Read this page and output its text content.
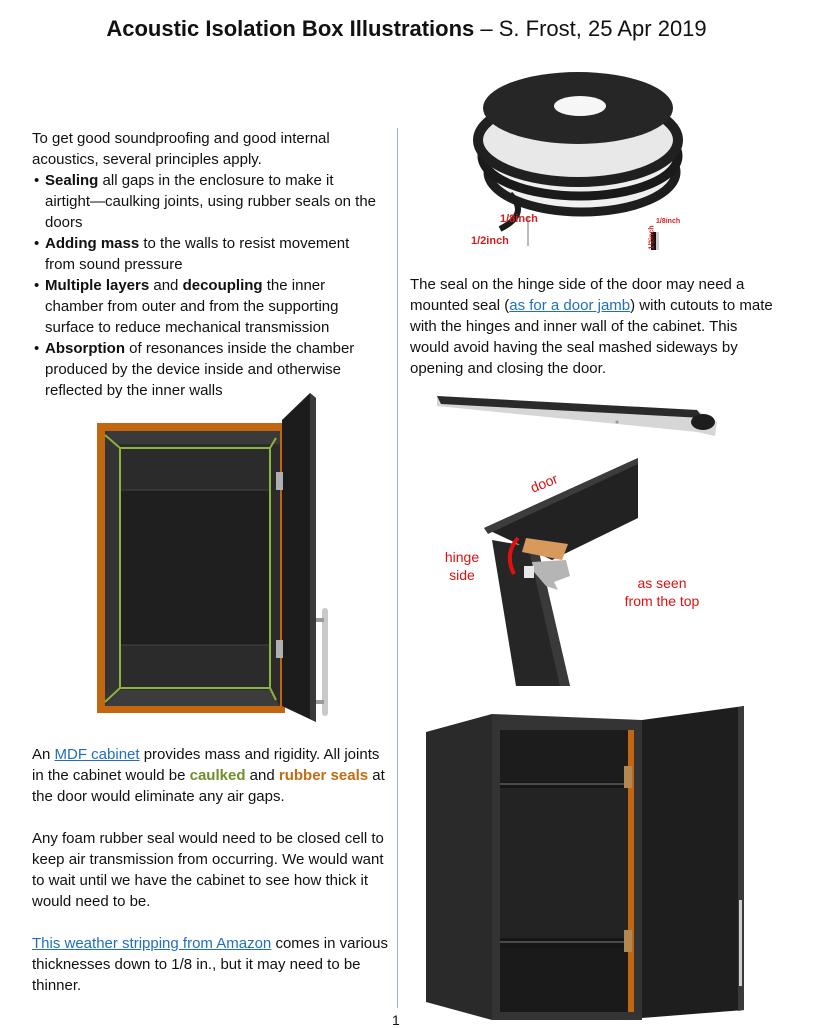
Acoustic Isolation Box Illustrations – S. Frost, 25 Apr 2019
To get good soundproofing and good internal acoustics, several principles apply.
• Sealing all gaps in the enclosure to make it airtight—caulking joints, using rubber seals on the doors
• Adding mass to the walls to resist movement from sound pressure
• Multiple layers and decoupling the inner chamber from outer and from the supporting surface to reduce mechanical transmission
• Absorption of resonances inside the chamber produced by the device inside and otherwise reflected by the inner walls

An MDF cabinet provides mass and rigidity. All joints in the cabinet would be caulked and rubber seals at the door would eliminate any air gaps.

Any foam rubber seal would need to be closed cell to keep air transmission from occurring. We would want to wait until we have the cabinet to see how thick it would need to be.

This weather stripping from Amazon comes in various thicknesses down to 1/8 in., but it may need to be thinner.

1/8inch
1/2inch
1/8inch
1/2inch
The seal on the hinge side of the door may need a mounted seal (as for a door jamb) with cutouts to mate with the hinges and inner wall of the cabinet. This would avoid having the seal mashed sideways by opening and closing the door.
door
hinge
side	as seen
from the top
1
